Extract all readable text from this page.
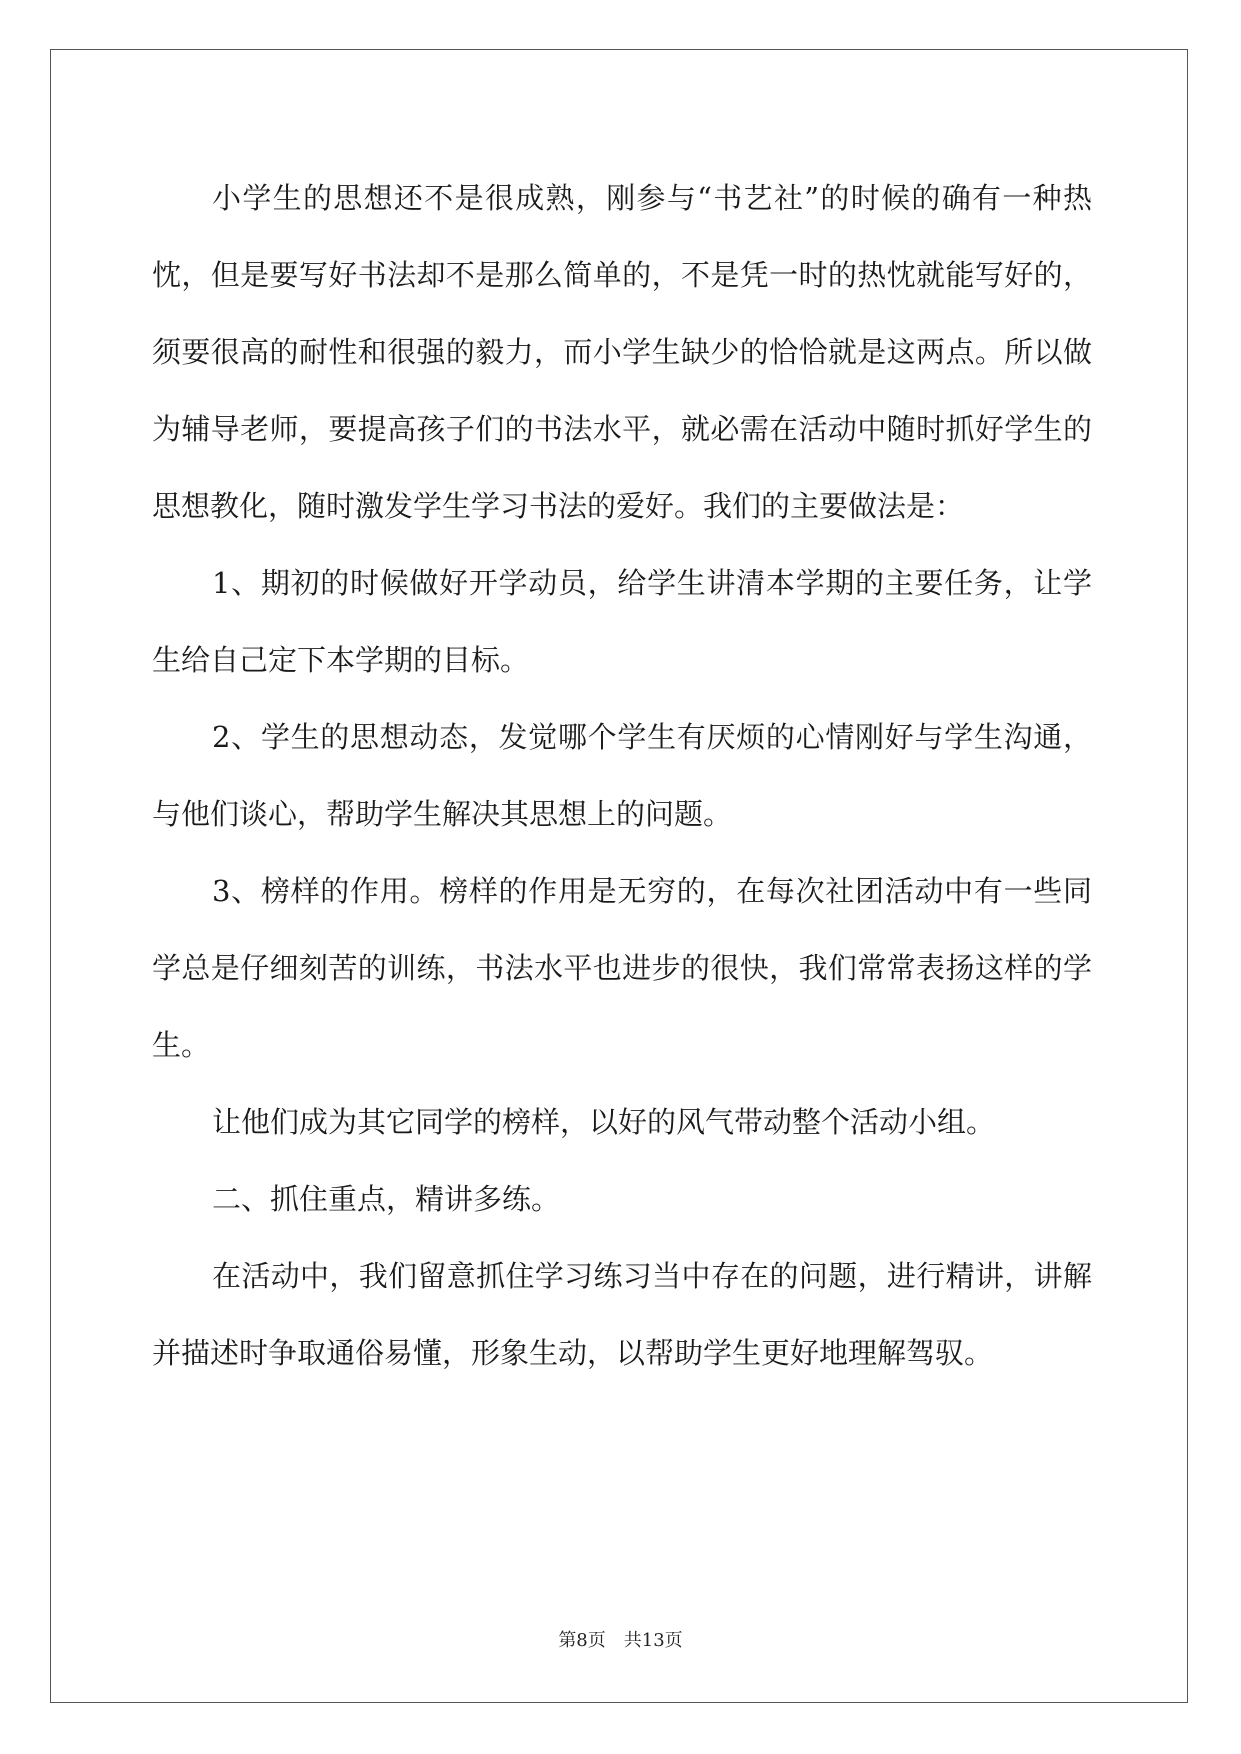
小学生的思想还不是很成熟，刚参与“书艺社”的时候的确有一种热忱，但是要写好书法却不是那么简单的，不是凭一时的热忱就能写好的，须要很高的耐性和很强的毅力，而小学生缺少的恰恰就是这两点。所以做为辅导老师，要提高孩子们的书法水平，就必需在活动中随时抓好学生的思想教化，随时激发学生学习书法的爱好。我们的主要做法是：

1、期初的时候做好开学动员，给学生讲清本学期的主要任务，让学生给自己定下本学期的目标。

2、学生的思想动态，发觉哪个学生有厌烦的心情刚好与学生沟通，与他们谈心，帮助学生解决其思想上的问题。

3、榜样的作用。榜样的作用是无穷的，在每次社团活动中有一些同学总是仔细刻苦的训练，书法水平也进步的很快，我们常常表扬这样的学生。

让他们成为其它同学的榜样，以好的风气带动整个活动小组。

二、抓住重点，精讲多练。

在活动中，我们留意抓住学习练习当中存在的问题，进行精讲，讲解并描述时争取通俗易懂，形象生动，以帮助学生更好地理解驾驭。

第8页 共13页
